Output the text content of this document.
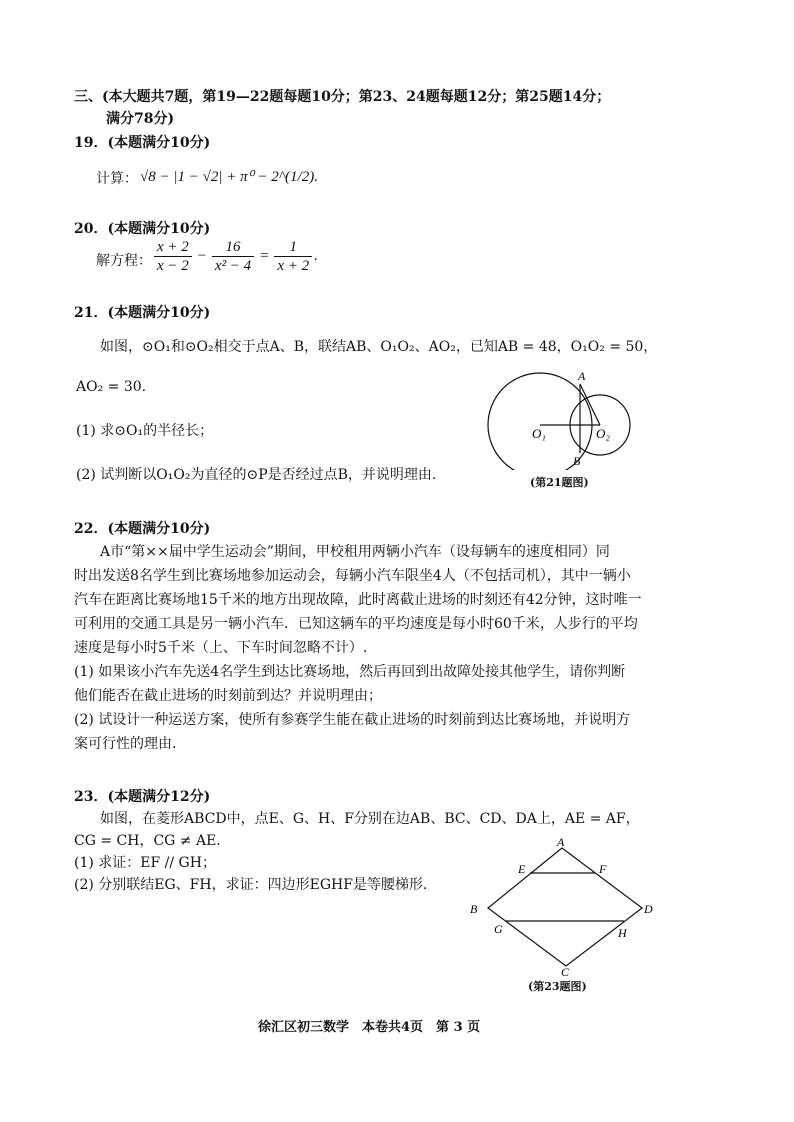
三、(本大题共7题，第19—22题每题10分；第23、24题每题12分；第25题14分；
满分78分)
19．(本题满分10分)
计算： √8 − |1 − √2| + π⁰ − 2^(1/2).
20．(本题满分10分)
解方程： $\frac{x + 2}{x - 2} - \frac{16}{\text{x² − 4}} = \frac{1}{x + 2}$ .
21．(本题满分10分)
如图，⊙O₁和⊙O₂相交于点A、B，联结AB、O₁O₂、AO₂，已知AB = 48，O₁O₂ = 50，
AO₂ = 30.
(1) 求⊙O₁的半径长；
(2) 试判断以O₁O₂为直径的⊙P是否经过点B，并说明理由.
A
B
O₁	O₂
(第21题图)
22．(本题满分10分)
A市“第××届中学生运动会”期间，甲校租用两辆小汽车（设每辆车的速度相同）同
时出发送8名学生到比赛场地参加运动会，每辆小汽车限坐4人（不包括司机），其中一辆小
汽车在距离比赛场地15千米的地方出现故障，此时离截止进场的时刻还有42分钟，这时唯一
可利用的交通工具是另一辆小汽车．已知这辆车的平均速度是每小时60千米，人步行的平均
速度是每小时5千米（上、下车时间忽略不计）.
(1) 如果该小汽车先送4名学生到达比赛场地，然后再回到出故障处接其他学生，请你判断
他们能否在截止进场的时刻前到达？并说明理由；
(2) 试设计一种运送方案，使所有参赛学生能在截止进场的时刻前到达比赛场地，并说明方
案可行性的理由.
23．(本题满分12分)
如图，在菱形ABCD中，点E、G、H、F分别在边AB、BC、CD、DA上，AE = AF，
CG = CH，CG ≠ AE.
(1) 求证：EF // GH；
(2) 分别联结EG、FH，求证：四边形EGHF是等腰梯形.
A
B
C
D
E	F
G	H
(第23题图)
徐汇区初三数学　本卷共4页　第 3 页
